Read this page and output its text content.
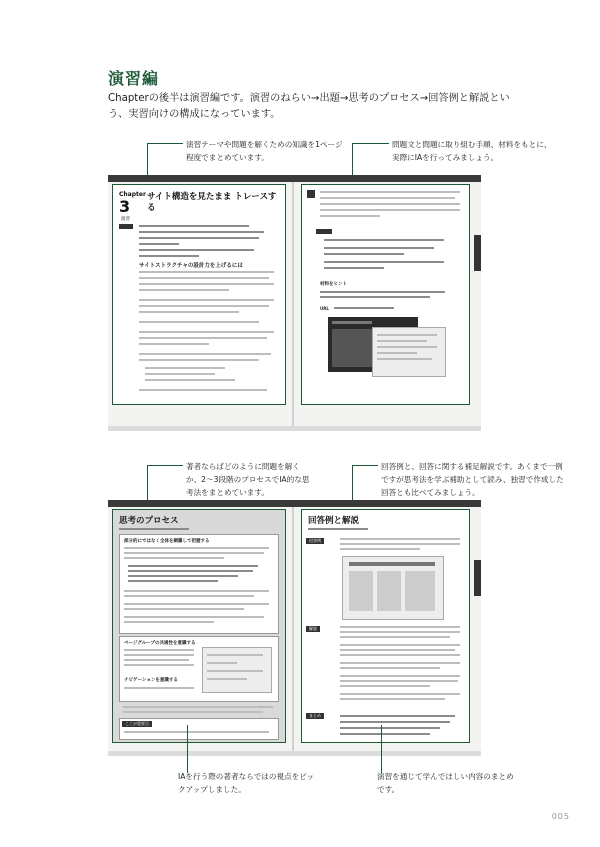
演習編
Chapterの後半は演習編です。演習のねらい→出題→思考のプロセス→回答例と解説という、実習向けの構成になっています。
演習テーマや問題を解くための知識を1ページ程度でまとめています。
問題文と問題に取り組む手順、材料をもとに、実際にIAを行ってみましょう。
Chapter
3
演習
サイト構造を見たまま トレースする
サイトストラクチャの設計力を上げるには
材料をヒント
URL
著者ならばどのように問題を解くか、2～3段階のプロセスでIA的な思考法をまとめています。
回答例と、回答に関する補足解説です。あくまで一例ですが思考法を学ぶ補助として読み、独習で作成した回答とも比べてみましょう。
思考のプロセス
部分的にではなく全体を網羅して把握する
ページグループの共通性を意識する
ナビゲーションを意識する
ここが重要点
回答例と解説
回答例
解説
まとめ
IAを行う際の著者ならではの視点をピックアップしました。
演習を通じて学んでほしい内容のまとめです。
005
